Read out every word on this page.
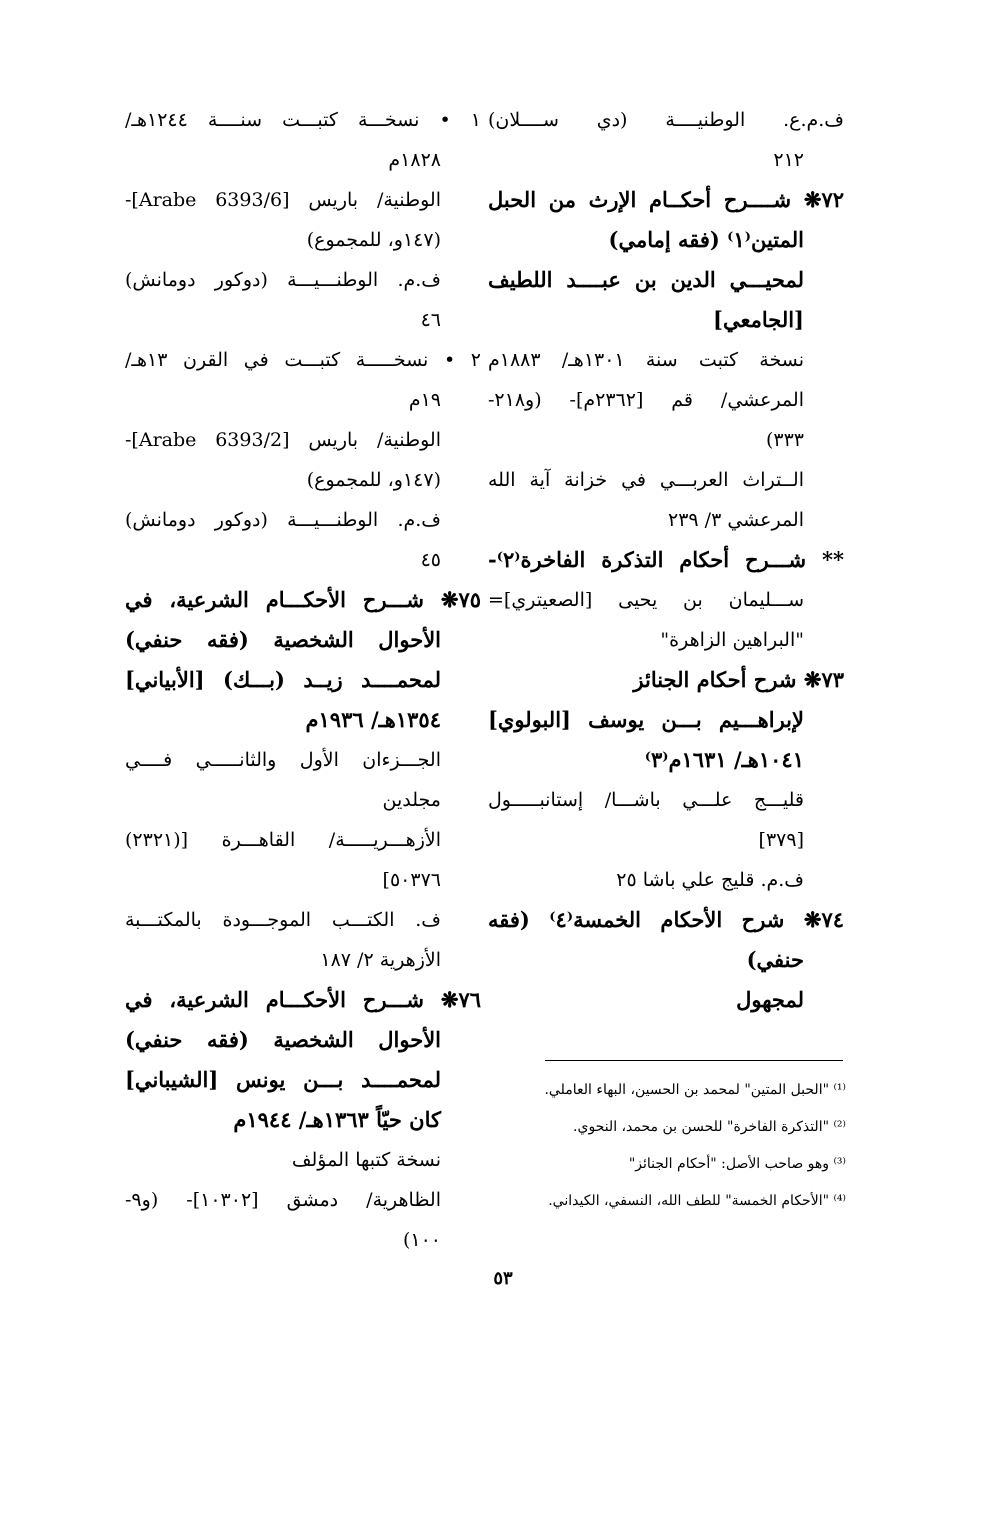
ف.م.ع. الوطنيــــة (دي ســــلان)
٢١٢
٧٢❋ شــــرح أحكــام الإرث من الحبل
المتين⁽١⁾ (فقه إمامي)
لمحيـــي الدين بن عبــــد اللطيف
[الجامعي]
نسخة كتبت سنة ١٣٠١هـ/ ١٨٨٣م
المرعشي/ قم [٢٣٦٢م]- (و٢١٨-
٣٣٣)
الــتراث العربـــي في خزانة آية الله
المرعشي ٣/ ٢٣٩
** شـــرح أحكام التذكرة الفاخرة⁽٢⁾-
ســـليمان بن يحيى [الصعيتري]=
"البراهين الزاهرة"
٧٣❋ شرح أحكام الجنائز
لإبراهـــيم بـــن يوسف [البولوي]
١٠٤١هـ/ ١٦٣١م⁽٣⁾
قليـــج علـــي باشـــا/ إستانبـــــول
[٣٧٩]
ف.م. قليج علي باشا ٢٥
٧٤❋ شرح الأحكام الخمسة⁽٤⁾ (فقه
حنفي)
لمجهول
١ • نسخـــة كتبـــت سنــــة ١٢٤٤هـ/
١٨٢٨م
الوطنية/ باريس [Arabe 6393/6]-
(١٤٧و، للمجموع)
ف.م. الوطنـــيـــة (دوكور دومانش)
٤٦
٢ • نسخـــــة كتبـــت في القرن ١٣هـ/
١٩م
الوطنية/ باريس [Arabe 6393/2]-
(١٤٧و، للمجموع)
ف.م. الوطنـــيـــة (دوكور دومانش)
٤٥
٧٥❋ شـــرح الأحكـــام الشرعية، في
الأحوال الشخصية (فقه حنفي)
لمحمــــد زيــد (بـــك) [الأبياني]
١٣٥٤هـ/ ١٩٣٦م
الجـــزءان الأول والثانـــــي فــــي
مجلدين
الأزهـــريـــــة/ القاهـــرة [(٢٣٢١)
٥٠٣٧٦]
ف. الكتـــب الموجـــودة بالمكتـــبة
الأزهرية ٢/ ١٨٧
٧٦❋ شـــرح الأحكـــام الشرعية، في
الأحوال الشخصية (فقه حنفي)
لمحمــــد بـــن يونس [الشيباني]
كان حيّاً ١٣٦٣هـ/ ١٩٤٤م
نسخة كتبها المؤلف
الظاهرية/ دمشق [١٠٣٠٢]- (و٩-
١٠٠)
⁽¹⁾ "الحبل المتين" لمحمد بن الحسين، البهاء العاملي.
⁽²⁾ "التذكرة الفاخرة" للحسن بن محمد، النحوي.
⁽³⁾ وهو صاحب الأصل: "أحكام الجنائز"
⁽⁴⁾ "الأحكام الخمسة" للطف الله، النسفي، الكيداني.
٥٣
